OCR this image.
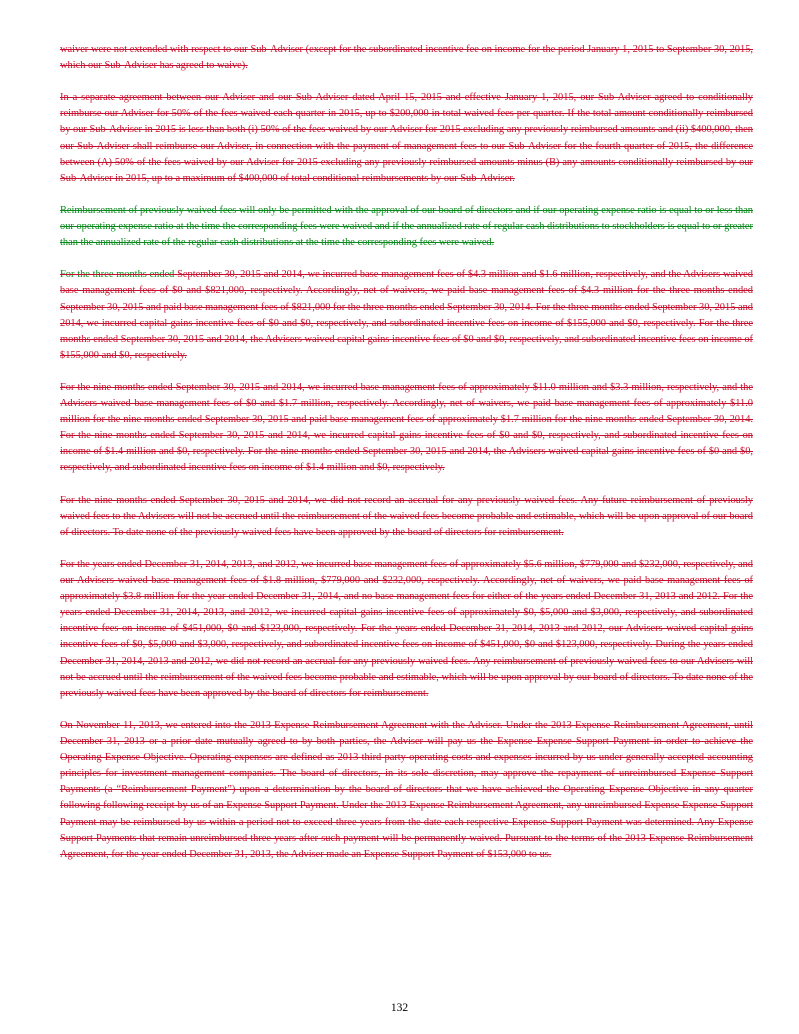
waiver were not extended with respect to our Sub-Adviser (except for the subordinated incentive fee on income for the period January 1, 2015 to September 30, 2015, which our Sub-Adviser has agreed to waive).

In a separate agreement between our Adviser and our Sub-Adviser dated April 15, 2015 and effective January 1, 2015, our Sub-Adviser agreed to conditionally reimburse our Adviser for 50% of the fees waived each quarter in 2015, up to $200,000 in total waived fees per quarter. If the total amount conditionally reimbursed by our Sub-Adviser in 2015 is less than both (i) 50% of the fees waived by our Adviser for 2015 excluding any previously reimbursed amounts and (ii) $400,000, then our Sub-Adviser shall reimburse our Adviser, in connection with the payment of management fees to our Sub-Adviser for the fourth quarter of 2015, the difference between (A) 50% of the fees waived by our Adviser for 2015 excluding any previously reimbursed amounts minus (B) any amounts conditionally reimbursed by our Sub-Adviser in 2015, up to a maximum of $400,000 of total conditional reimbursements by our Sub-Adviser.

Reimbursement of previously waived fees will only be permitted with the approval of our board of directors and if our operating expense ratio is equal to or less than our operating expense ratio at the time the corresponding fees were waived and if the annualized rate of regular cash distributions to stockholders is equal to or greater than the annualized rate of the regular cash distributions at the time the corresponding fees were waived.

For the three months ended September 30, 2015 and 2014, we incurred base management fees of $4.3 million and $1.6 million, respectively, and the Advisers waived base management fees of $0 and $821,000, respectively. Accordingly, net of waivers, we paid base management fees of $4.3 million for the three months ended September 30, 2015 and paid base management fees of $821,000 for the three months ended September 30, 2014. For the three months ended September 30, 2015 and 2014, we incurred capital gains incentive fees of $0 and $0, respectively, and subordinated incentive fees on income of $155,000 and $0, respectively. For the three months ended September 30, 2015 and 2014, the Advisers waived capital gains incentive fees of $0 and $0, respectively, and subordinated incentive fees on income of $155,000 and $0, respectively.

For the nine months ended September 30, 2015 and 2014, we incurred base management fees of approximately $11.0 million and $3.3 million, respectively, and the Advisers waived base management fees of $0 and $1.7 million, respectively. Accordingly, net of waivers, we paid base management fees of approximately $11.0 million for the nine months ended September 30, 2015 and paid base management fees of approximately $1.7 million for the nine months ended September 30, 2014. For the nine months ended September 30, 2015 and 2014, we incurred capital gains incentive fees of $0 and $0, respectively, and subordinated incentive fees on income of $1.4 million and $0, respectively. For the nine months ended September 30, 2015 and 2014, the Advisers waived capital gains incentive fees of $0 and $0, respectively, and subordinated incentive fees on income of $1.4 million and $0, respectively.

For the nine months ended September 30, 2015 and 2014, we did not record an accrual for any previously waived fees. Any future reimbursement of previously waived fees to the Advisers will not be accrued until the reimbursement of the waived fees become probable and estimable, which will be upon approval of our board of directors. To date none of the previously waived fees have been approved by the board of directors for reimbursement.

For the years ended December 31, 2014, 2013, and 2012, we incurred base management fees of approximately $5.6 million, $779,000 and $232,000, respectively, and our Advisers waived base management fees of $1.8 million, $779,000 and $232,000, respectively. Accordingly, net of waivers, we paid base management fees of approximately $3.8 million for the year ended December 31, 2014, and no base management fees for either of the years ended December 31, 2013 and 2012. For the years ended December 31, 2014, 2013, and 2012, we incurred capital gains incentive fees of approximately $0, $5,000 and $3,000, respectively, and subordinated incentive fees on income of $451,000, $0 and $123,000, respectively. For the years ended December 31, 2014, 2013 and 2012, our Advisers waived capital gains incentive fees of $0, $5,000 and $3,000, respectively, and subordinated incentive fees on income of $451,000, $0 and $123,000, respectively. During the years ended December 31, 2014, 2013 and 2012, we did not record an accrual for any previously waived fees. Any reimbursement of previously waived fees to our Advisers will not be accrued until the reimbursement of the waived fees become probable and estimable, which will be upon approval by our board of directors. To date none of the previously waived fees have been approved by the board of directors for reimbursement.

On November 11, 2013, we entered into the 2013 Expense Reimbursement Agreement with the Adviser. Under the 2013 Expense Reimbursement Agreement, until December 31, 2013 or a prior date mutually agreed to by both parties, the Adviser will pay us the Expense Expense Support Payment in order to achieve the Operating Expense Objective. Operating expenses are defined as 2013 third party operating costs and expenses incurred by us under generally accepted accounting principles for investment management companies. The board of directors, in its sole discretion, may approve the repayment of unreimbursed Expense Support Payments (a “Reimbursement Payment”) upon a determination by the board of directors that we have achieved the Operating Expense Objective in any quarter following following receipt by us of an Expense Support Payment. Under the 2013 Expense Reimbursement Agreement, any unreimbursed Expense Expense Support Payment may be reimbursed by us within a period not to exceed three years from the date each respective Expense Support Payment was determined. Any Expense Support Payments that remain unreimbursed three years after such payment will be permanently waived. Pursuant to the terms of the 2013 Expense Reimbursement Agreement, for the year ended December 31, 2013, the Adviser made an Expense Support Payment of $153,000 to us.

132
